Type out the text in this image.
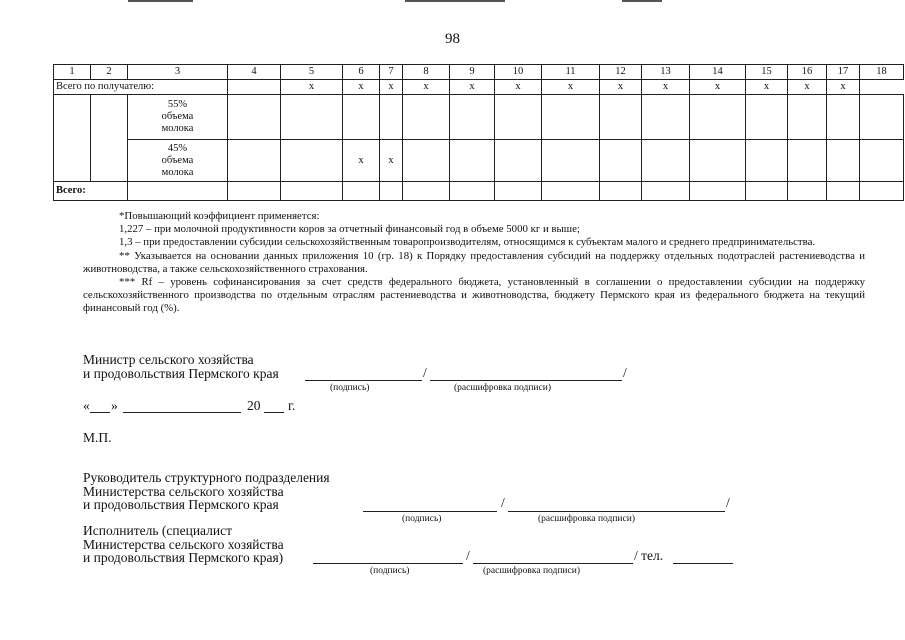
98
1	2	3	4	5	6	7	8	9	10	11	12	13	14	15	16	17	18
Всего по получателю:				x	x	x	x	x	x	x	x	x	x	x	x	x	
		55% объема молока															
		45% объема молока			x	x											
Всего:																	

*Повышающий коэффициент применяется:

1,227 – при молочной продуктивности коров за отчетный финансовый год в объеме 5000 кг и выше;

1,3 – при предоставлении субсидии сельскохозяйственным товаропроизводителям, относящимся к субъектам малого и среднего предпринимательства.

** Указывается на основании данных приложения 10 (гр. 18) к Порядку предоставления субсидий на поддержку отдельных подотраслей растениеводства и животноводства, а также сельскохозяйственного страхования.

*** Rf – уровень софинансирования за счет средств федерального бюджета, установленный в соглашении о предоставлении субсидии на поддержку сельскохозяйственного производства по отдельным отраслям растениеводства и животноводства, бюджету Пермского края из федерального бюджета на текущий финансовый год (%).

Министр сельского хозяйства
и продовольствия Пермского края	/	/
(подпись)	(расшифровка подписи)
« »	20 г.
М.П.
Руководитель структурного подразделения
Министерства сельского хозяйства
и продовольствия Пермского края	/	/
(подпись)	(расшифровка подписи)
Исполнитель (специалист
Министерства сельского хозяйства
и продовольствия Пермского края)	/	/ тел.
(подпись)	(расшифровка подписи)
